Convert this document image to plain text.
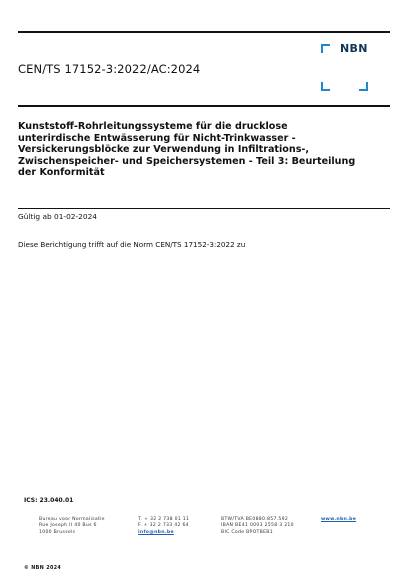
CEN/TS 17152-3:2022/AC:2024
NBN
Kunststoff-Rohrleitungssysteme für die drucklose
unterirdische Entwässerung für Nicht-Trinkwasser -
Versickerungsblöcke zur Verwendung in Infiltrations-,
Zwischenspeicher- und Speichersystemen - Teil 3: Beurteilung
der Konformität
Gültig ab 01-02-2024
Diese Berichtigung trifft auf die Norm CEN/TS 17152-3:2022 zu
ICS: 23.040.01
Bureau voor Normalisatie
Rue Joseph II 40 Bus 6
1000 Brussels
T. + 32 2 738 01 11
F. + 32 2 733 42 64
info@nbn.be
BTW/TVA BE0880.857.592
IBAN BE41 0003 2558 3 210
BIC Code BPOTBEB1
www.nbn.be
© NBN 2024
